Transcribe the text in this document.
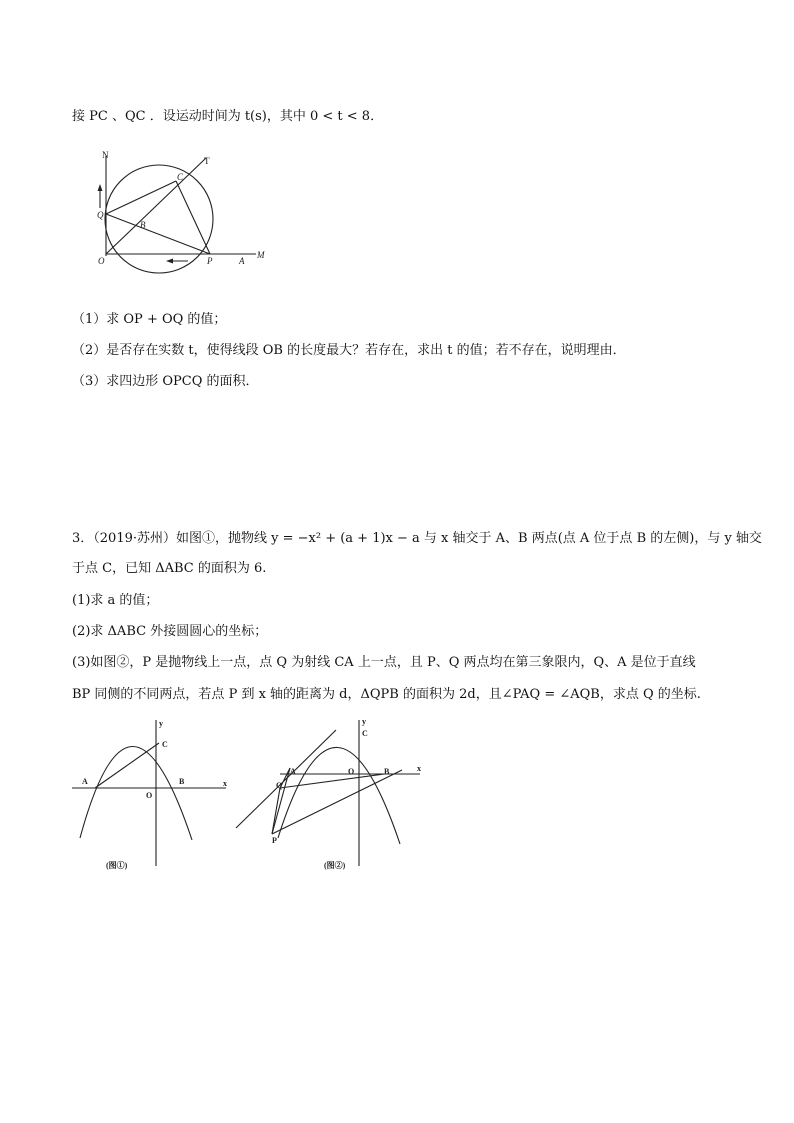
接 PC 、QC ．设运动时间为 t(s)，其中 0 < t < 8．
N
T
C
Q
B
O	P	A
M
（1）求 OP + OQ 的值；
（2）是否存在实数 t，使得线段 OB 的长度最大？若存在，求出 t 的值；若不存在，说明理由．
（3）求四边形 OPCQ 的面积．
3．（2019·苏州）如图①，抛物线 y = −x² + (a + 1)x − a 与 x 轴交于 A、B 两点(点 A 位于点 B 的左侧)，与 y 轴交
于点 C，已知 ΔABC 的面积为 6.
(1)求 a 的值；
(2)求 ΔABC 外接圆圆心的坐标；
(3)如图②，P 是抛物线上一点，点 Q 为射线 CA 上一点，且 P、Q 两点均在第三象限内，Q、A 是位于直线
BP 同侧的不同两点，若点 P 到 x 轴的距离为 d，ΔQPB 的面积为 2d，且∠PAQ = ∠AQB，求点 Q 的坐标.
y
x
C
A	B
O
(图①)
y
x
C
A	O	B
Q
P
(图②)
